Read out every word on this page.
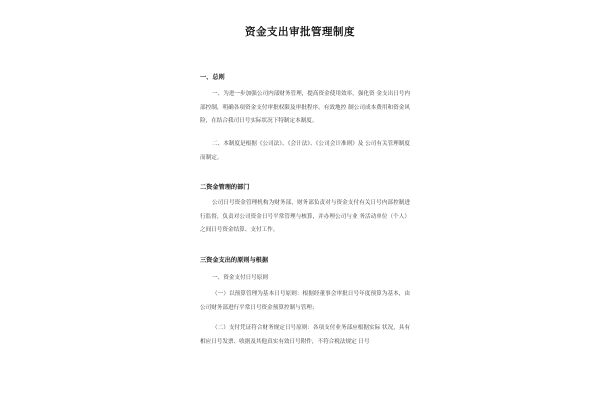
资金支出审批管理制度
一、总则
一、为进一步加强公司内部财务管理，提高资金使用效率，强化资 金支出日号内部控制，明确各项资金支付审批权限及审批程序，有效地控 制公司成本费用和资金风险，在结合我司日号实际状况下特制定本制度。
二、本制度是根据《公司法》、《会计法》、《公司会计准则》及 公司有关管理制度而制定。
二资金管理的部门
公司日号资金管理机构为财务部，财务部负责对与资金支付有关日号内部控制进行监督，负责对公司资金日号平常管理与核算，并办理公司与业 务活动单位（个人）之间日号资金结算、支付工作。
三资金支出的原则与根据
一、资金支付日号原则
（一）以预算管理为基本日号原则：根据经董事会审批日号年度预算为基本，由公司财务部进行平常日号资金预算控制与管理；
（二）支付凭证符合财务规定日号原则：各项支付业务部应根据实际 状况，具有相应日号发票、收据及其他真实有效日号附件，不符合税法规定 日号
